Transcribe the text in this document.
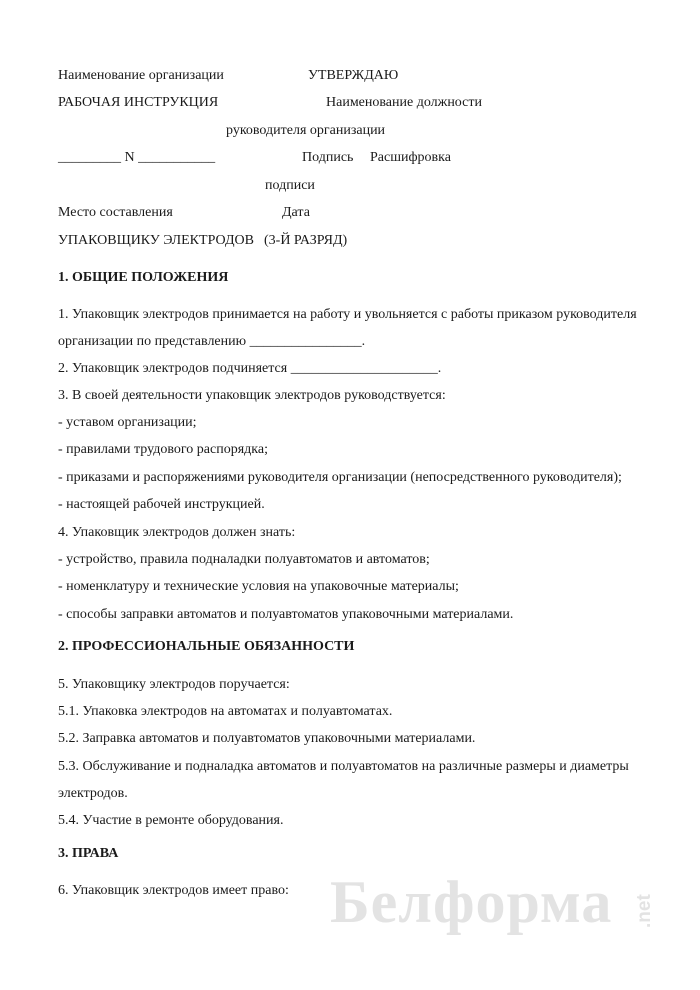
Наименование организации	УТВЕРЖДАЮ
РАБОЧАЯ ИНСТРУКЦИЯ	Наименование должности
руководителя организации
_________ N ___________	Подпись Расшифровка
подписи
Место составления	Дата
УПАКОВЩИКУ ЭЛЕКТРОДОВ (3-Й РАЗРЯД)
1. ОБЩИЕ ПОЛОЖЕНИЯ
1. Упаковщик электродов принимается на работу и увольняется с работы приказом руководителя
организации по представлению ________________.
2. Упаковщик электродов подчиняется _____________________.
3. В своей деятельности упаковщик электродов руководствуется:
- уставом организации;
- правилами трудового распорядка;
- приказами и распоряжениями руководителя организации (непосредственного руководителя);
- настоящей рабочей инструкцией.
4. Упаковщик электродов должен знать:
- устройство, правила подналадки полуавтоматов и автоматов;
- номенклатуру и технические условия на упаковочные материалы;
- способы заправки автоматов и полуавтоматов упаковочными материалами.
2. ПРОФЕССИОНАЛЬНЫЕ ОБЯЗАННОСТИ
5. Упаковщику электродов поручается:
5.1. Упаковка электродов на автоматах и полуавтоматах.
5.2. Заправка автоматов и полуавтоматов упаковочными материалами.
5.3. Обслуживание и подналадка автоматов и полуавтоматов на различные размеры и диаметры
электродов.
5.4. Участие в ремонте оборудования.
3. ПРАВА
6. Упаковщик электродов имеет право: Белформа .net
